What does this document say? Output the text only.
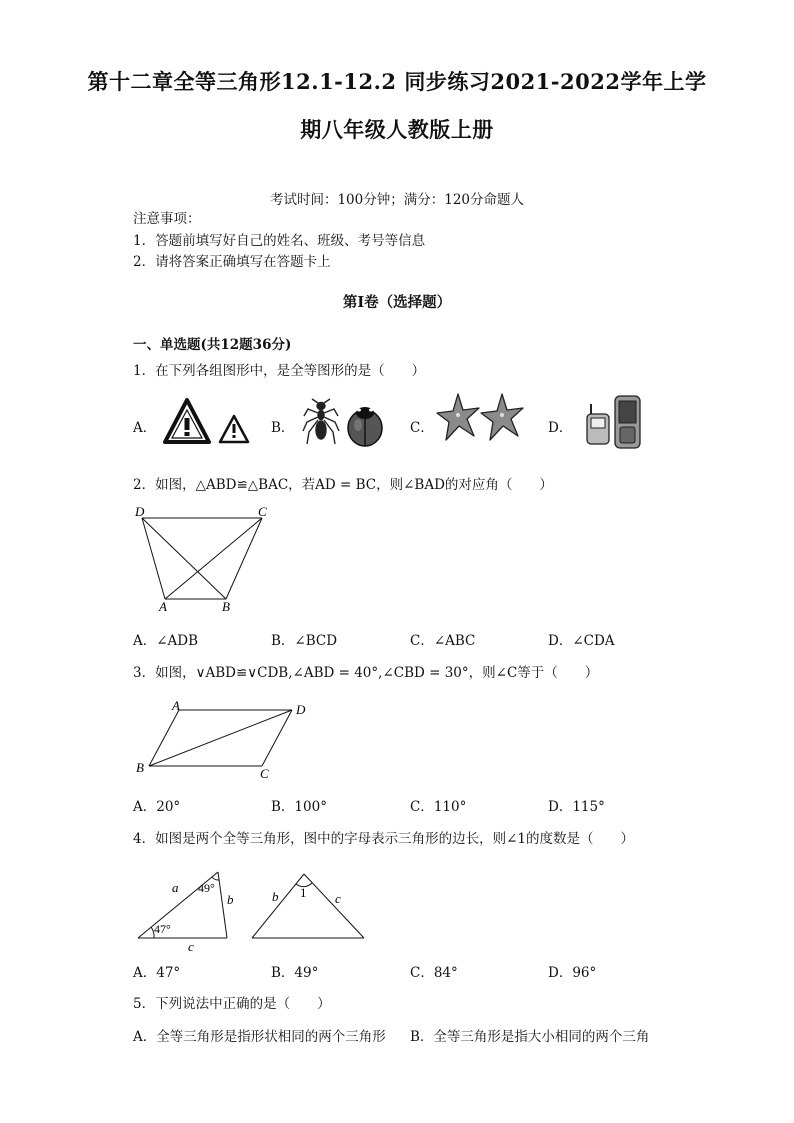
第十二章全等三角形12.1-12.2 同步练习2021-2022学年上学
期八年级人教版上册
考试时间：100分钟；满分：120分命题人
注意事项：
1．答题前填写好自己的姓名、班级、考号等信息
2．请将答案正确填写在答题卡上
第I卷（选择题）
一、单选题(共12题36分)
1．在下列各组图形中，是全等图形的是（　　）
A．	B．	C．	D．
2．如图，△ABD≌△BAC，若AD = BC，则∠BAD的对应角（　　）
D	C
A	B
A．∠ADB	B．∠BCD	C．∠ABC	D．∠CDA
3．如图，∨ABD≌∨CDB,∠ABD = 40°,∠CBD = 30°，则∠C等于（　　）
A	D
B	C
A．20°	B．100°	C．110°	D．115°
4．如图是两个全等三角形，图中的字母表示三角形的边长，则∠1的度数是（　　）
a 49°
b
47°
c
b 1 c
A．47°	B．49°	C．84°	D．96°
5．下列说法中正确的是（　　）
A．全等三角形是指形状相同的两个三角形 B．全等三角形是指大小相同的两个三角
